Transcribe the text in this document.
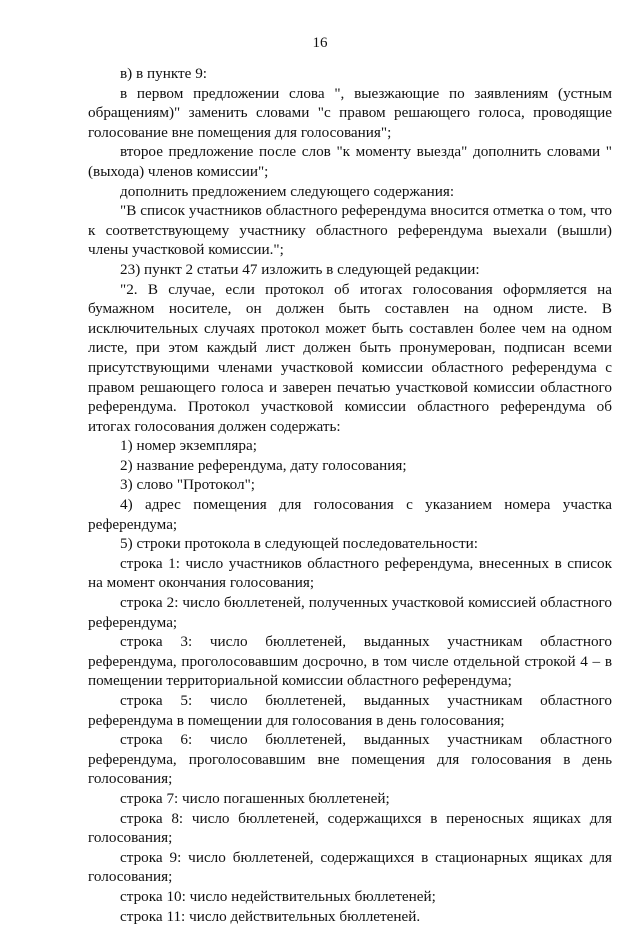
16

в) в пункте 9:

в первом предложении слова ", выезжающие по заявлениям (устным обращениям)" заменить словами "с правом решающего голоса, проводящие голосование вне помещения для голосования";

второе предложение после слов "к моменту выезда" дополнить словами "(выхода) членов комиссии";

дополнить предложением следующего содержания:

"В список участников областного референдума вносится отметка о том, что к соответствующему участнику областного референдума выехали (вышли) члены участковой комиссии.";

23) пункт 2 статьи 47 изложить в следующей редакции:

"2. В случае, если протокол об итогах голосования оформляется на бумажном носителе, он должен быть составлен на одном листе. В исключительных случаях протокол может быть составлен более чем на одном листе, при этом каждый лист должен быть пронумерован, подписан всеми присутствующими членами участковой комиссии областного референдума с правом решающего голоса и заверен печатью участковой комиссии областного референдума. Протокол участковой комиссии областного референдума об итогах голосования должен содержать:

1) номер экземпляра;

2) название референдума, дату голосования;

3) слово "Протокол";

4) адрес помещения для голосования с указанием номера участка референдума;

5) строки протокола в следующей последовательности:

строка 1: число участников областного референдума, внесенных в список на момент окончания голосования;

строка 2: число бюллетеней, полученных участковой комиссией областного референдума;

строка 3: число бюллетеней, выданных участникам областного референдума, проголосовавшим досрочно, в том числе отдельной строкой 4 – в помещении территориальной комиссии областного референдума;

строка 5: число бюллетеней, выданных участникам областного референдума в помещении для голосования в день голосования;

строка 6: число бюллетеней, выданных участникам областного референдума, проголосовавшим вне помещения для голосования в день голосования;

строка 7: число погашенных бюллетеней;

строка 8: число бюллетеней, содержащихся в переносных ящиках для голосования;

строка 9: число бюллетеней, содержащихся в стационарных ящиках для голосования;

строка 10: число недействительных бюллетеней;

строка 11: число действительных бюллетеней.
